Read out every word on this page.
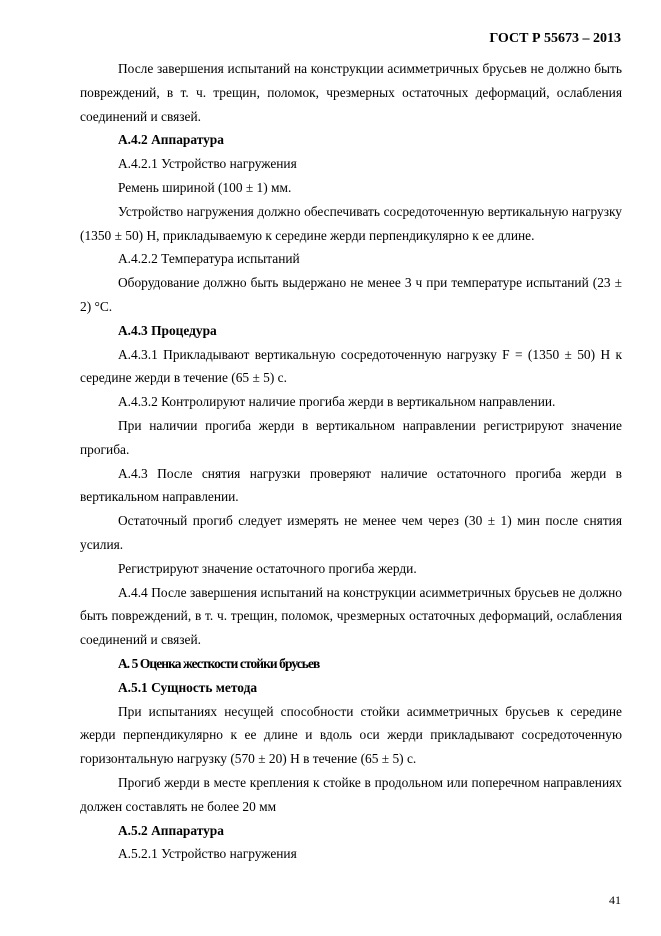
ГОСТ Р 55673 – 2013

После завершения испытаний на конструкции асимметричных брусьев не должно быть повреждений, в т. ч. трещин, поломок, чрезмерных остаточных деформаций, ослабления соединений и связей.

А.4.2 Аппаратура

А.4.2.1 Устройство нагружения

Ремень шириной (100 ± 1) мм.

Устройство нагружения должно обеспечивать сосредоточенную вертикальную нагрузку (1350 ± 50) Н, прикладываемую к середине жерди перпендикулярно к ее длине.

А.4.2.2 Температура испытаний

Оборудование должно быть выдержано не менее 3 ч при температуре испытаний (23 ± 2) °С.

А.4.3 Процедура

А.4.3.1 Прикладывают вертикальную сосредоточенную нагрузку F = (1350 ± 50) Н к середине жерди в течение (65 ± 5) с.

А.4.3.2 Контролируют наличие прогиба жерди в вертикальном направлении.

При наличии прогиба жерди в вертикальном направлении регистрируют значение прогиба.

А.4.3 После снятия нагрузки проверяют наличие остаточного прогиба жерди в вертикальном направлении.

Остаточный прогиб следует измерять не менее чем через (30 ± 1) мин после снятия усилия.

Регистрируют значение остаточного прогиба жерди.

А.4.4 После завершения испытаний на конструкции асимметричных брусьев не должно быть повреждений, в т. ч. трещин, поломок, чрезмерных остаточных деформаций, ослабления соединений и связей.

А. 5 Оценка жесткости стойки брусьев

А.5.1 Сущность метода

При испытаниях несущей способности стойки асимметричных брусьев к середине жерди перпендикулярно к ее длине и вдоль оси жерди прикладывают сосредоточенную горизонтальную нагрузку (570 ± 20) Н в течение (65 ± 5) с.

Прогиб жерди в месте крепления к стойке в продольном или поперечном направлениях должен составлять не более 20 мм

А.5.2 Аппаратура

А.5.2.1 Устройство нагружения

41
